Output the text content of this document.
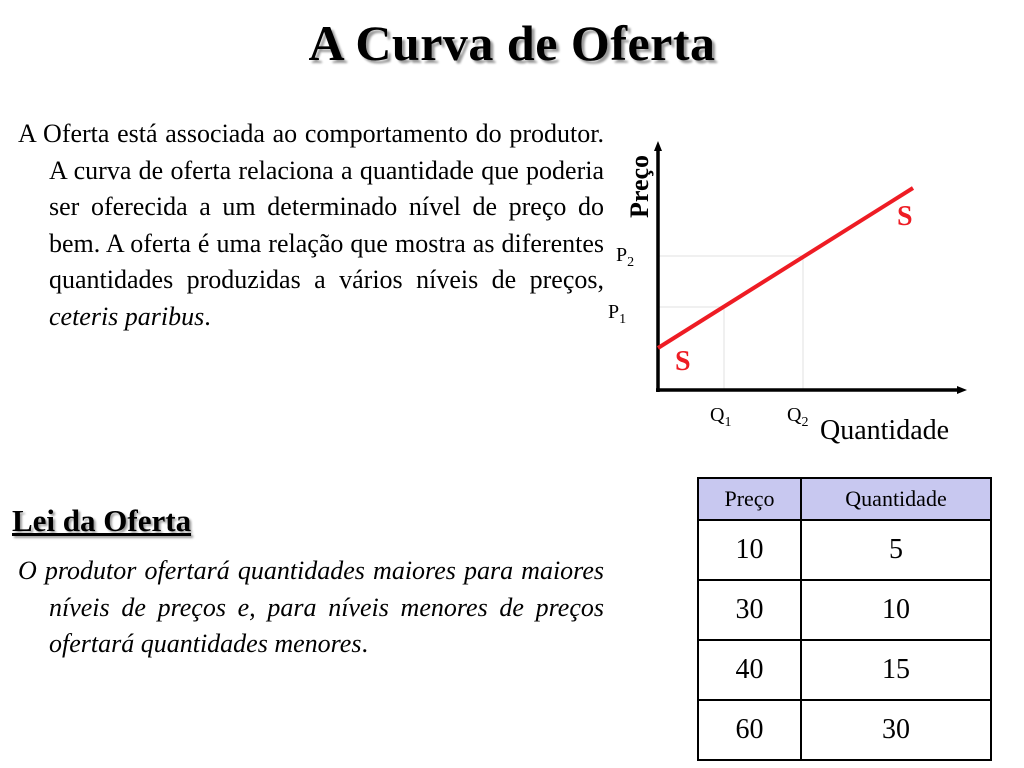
A Curva de Oferta
A Oferta está associada ao comportamento do produtor. A curva de oferta relaciona a quantidade que poderia ser oferecida a um determinado nível de preço do bem. A oferta é uma relação que mostra as diferentes quantidades produzidas a vários níveis de preços, ceteris paribus.
Preço
Quantidade
S
S
$P_2$
$P_1$
$Q_1$	$Q_2$
Lei da Oferta
O produtor ofertará quantidades maiores para maiores níveis de preços e, para níveis menores de preços ofertará quantidades menores.
Preço	Quantidade
10	5
30	10
40	15
60	30
